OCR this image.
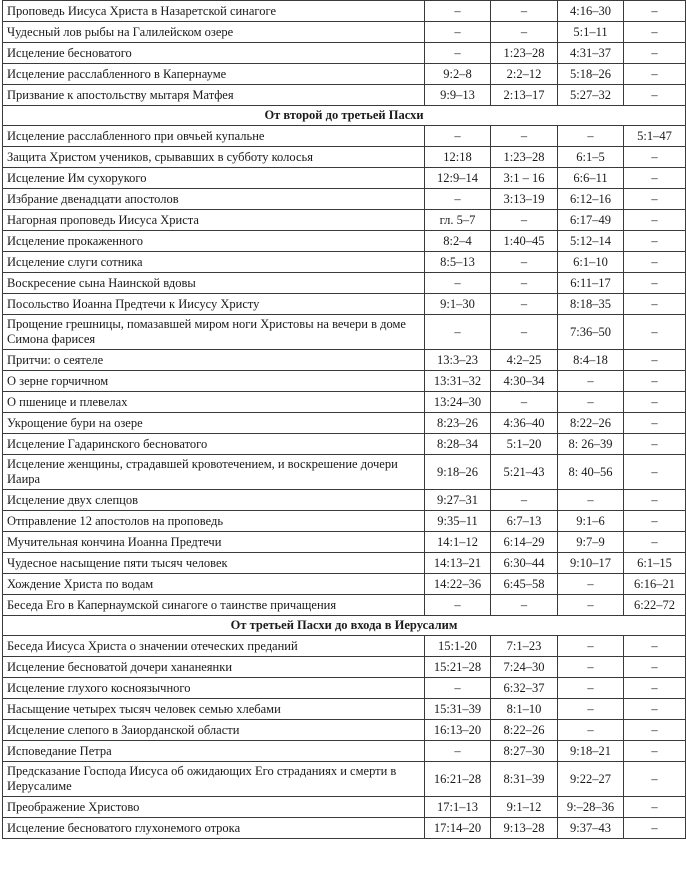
Проповедь Иисуса Христа в Назаретской синагоге	–	–	4:16–30	–
Чудесный лов рыбы на Галилейском озере	–	–	5:1–11	–
Исцеление бесноватого	–	1:23–28	4:31–37	–
Исцеление расслабленного в Капернауме	9:2–8	2:2–12	5:18–26	–
Призвание к апостольству мытаря Матфея	9:9–13	2:13–17	5:27–32	–
От второй до третьей Пасхи				
Исцеление расслабленного при овчьей купальне	–	–	–	5:1–47
Защита Христом учеников, срывавших в субботу колосья	12:18	1:23–28	6:1–5	–
Исцеление Им сухорукого	12:9–14	3:1 – 16	6:6–11	–
Избрание двенадцати апостолов	–	3:13–19	6:12–16	–
Нагорная проповедь Иисуса Христа	гл. 5–7	–	6:17–49	–
Исцеление прокаженного	8:2–4	1:40–45	5:12–14	–
Исцеление слуги сотника	8:5–13	–	6:1–10	–
Воскресение сына Наинской вдовы	–	–	6:11–17	–
Посольство Иоанна Предтечи к Иисусу Христу	9:1–30	–	8:18–35	–
Прощение грешницы, помазавшей миром ноги Христовы на вечери в доме Симона фарисея	–	–	7:36–50	–
Притчи: о сеятеле	13:3–23	4:2–25	8:4–18	–
О зерне горчичном	13:31–32	4:30–34	–	–
О пшенице и плевелах	13:24–30	–	–	–
Укрощение бури на озере	8:23–26	4:36–40	8:22–26	–
Исцеление Гадаринского бесноватого	8:28–34	5:1–20	8: 26–39	–
Исцеление женщины, страдавшей кровотечением, и воскрешение дочери Иаира	9:18–26	5:21–43	8: 40–56	–
Исцеление двух слепцов	9:27–31	–	–	–
Отправление 12 апостолов на проповедь	9:35–11	6:7–13	9:1–6	–
Мучительная кончина Иоанна Предтечи	14:1–12	6:14–29	9:7–9	–
Чудесное насыщение пяти тысяч человек	14:13–21	6:30–44	9:10–17	6:1–15
Хождение Христа по водам	14:22–36	6:45–58	–	6:16–21
Беседа Его в Капернаумской синагоге о таинстве причащения	–	–	–	6:22–72
От третьей Пасхи до входа в Иерусалим				
Беседа Иисуса Христа о значении отеческих преданий	15:1-20	7:1–23	–	–
Исцеление бесноватой дочери хананеянки	15:21–28	7:24–30	–	–
Исцеление глухого косноязычного	–	6:32–37	–	–
Насыщение четырех тысяч человек семью хлебами	15:31–39	8:1–10	–	–
Исцеление слепого в Заиорданской области	16:13–20	8:22–26	–	–
Исповедание Петра	–	8:27–30	9:18–21	–
Предсказание Господа Иисуса об ожидающих Его страданиях и смерти в Иерусалиме	16:21–28	8:31–39	9:22–27	–
Преображение Христово	17:1–13	9:1–12	9:–28–36	–
Исцеление бесноватого глухонемого отрока	17:14–20	9:13–28	9:37–43	–
